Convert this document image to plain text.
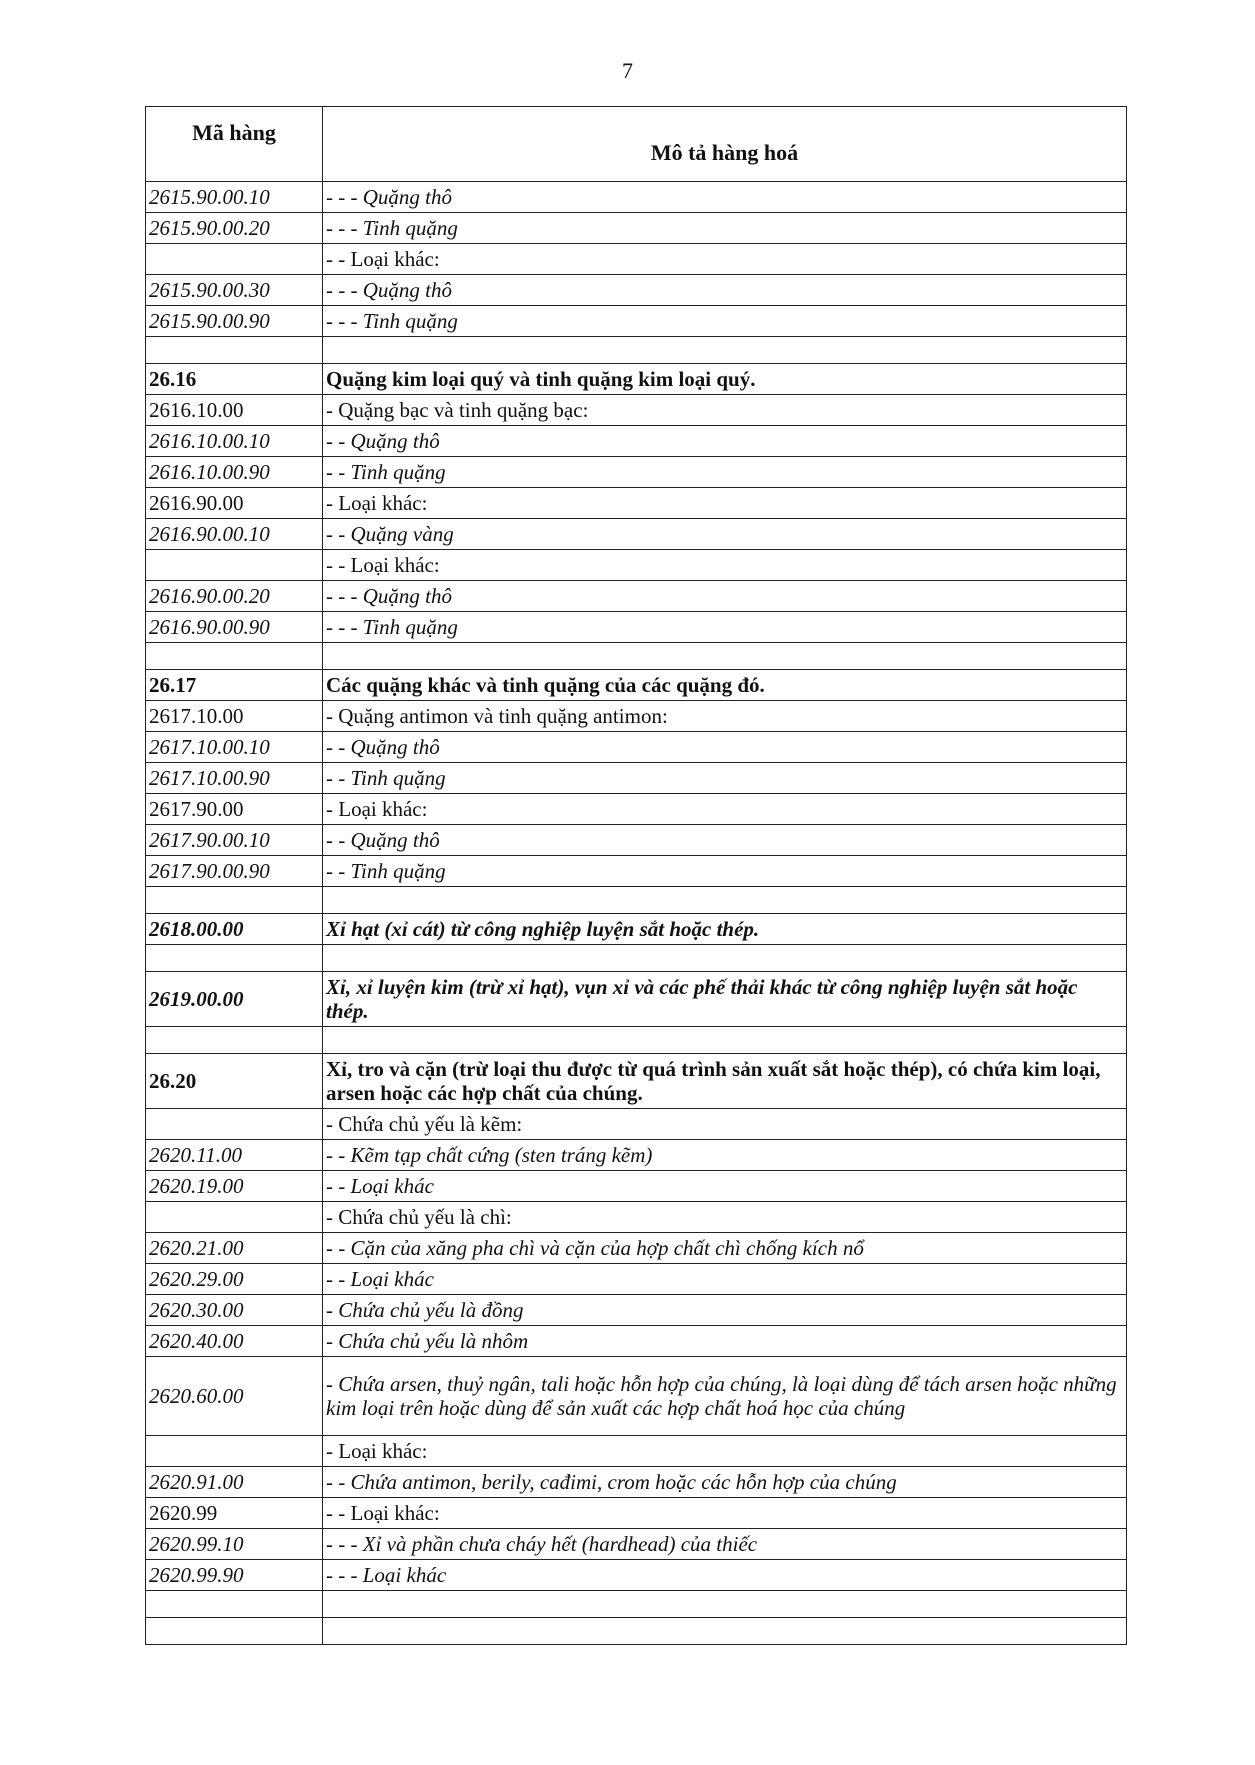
7
Mã hàng	Mô tả hàng hoá
2615.90.00.10	- - - Quặng thô
2615.90.00.20	- - - Tinh quặng
	- - Loại khác:
2615.90.00.30	- - - Quặng thô
2615.90.00.90	- - - Tinh quặng

26.16	Quặng kim loại quý và tinh quặng kim loại quý.
2616.10.00	- Quặng bạc và tinh quặng bạc:
2616.10.00.10	- - Quặng thô
2616.10.00.90	- - Tinh quặng
2616.90.00	- Loại khác:
2616.90.00.10	- - Quặng vàng
	- - Loại khác:
2616.90.00.20	- - - Quặng thô
2616.90.00.90	- - - Tinh quặng

26.17	Các quặng khác và tinh quặng của các quặng đó.
2617.10.00	- Quặng antimon và tinh quặng antimon:
2617.10.00.10	- - Quặng thô
2617.10.00.90	- - Tinh quặng
2617.90.00	- Loại khác:
2617.90.00.10	- - Quặng thô
2617.90.00.90	- - Tinh quặng

2618.00.00	Xỉ hạt (xỉ cát) từ công nghiệp luyện sắt hoặc thép.

2619.00.00	Xỉ, xỉ luyện kim (trừ xỉ hạt), vụn xỉ và các phế thải khác từ công nghiệp luyện sắt hoặc thép.

26.20	Xỉ, tro và cặn (trừ loại thu được từ quá trình sản xuất sắt hoặc thép), có chứa kim loại, arsen hoặc các hợp chất của chúng.
	- Chứa chủ yếu là kẽm:
2620.11.00	- - Kẽm tạp chất cứng (sten tráng kẽm)
2620.19.00	- - Loại khác
	- Chứa chủ yếu là chì:
2620.21.00	- - Cặn của xăng pha chì và cặn của hợp chất chì chống kích nổ
2620.29.00	- - Loại khác
2620.30.00	- Chứa chủ yếu là đồng
2620.40.00	- Chứa chủ yếu là nhôm
2620.60.00	- Chứa arsen, thuỷ ngân, tali hoặc hỗn hợp của chúng, là loại dùng để tách arsen hoặc những kim loại trên hoặc dùng để sản xuất các hợp chất hoá học của chúng
	- Loại khác:
2620.91.00	- - Chứa antimon, berily, cađimi, crom hoặc các hỗn hợp của chúng
2620.99	- - Loại khác:
2620.99.10	- - - Xỉ và phần chưa cháy hết (hardhead) của thiếc
2620.99.90	- - - Loại khác
